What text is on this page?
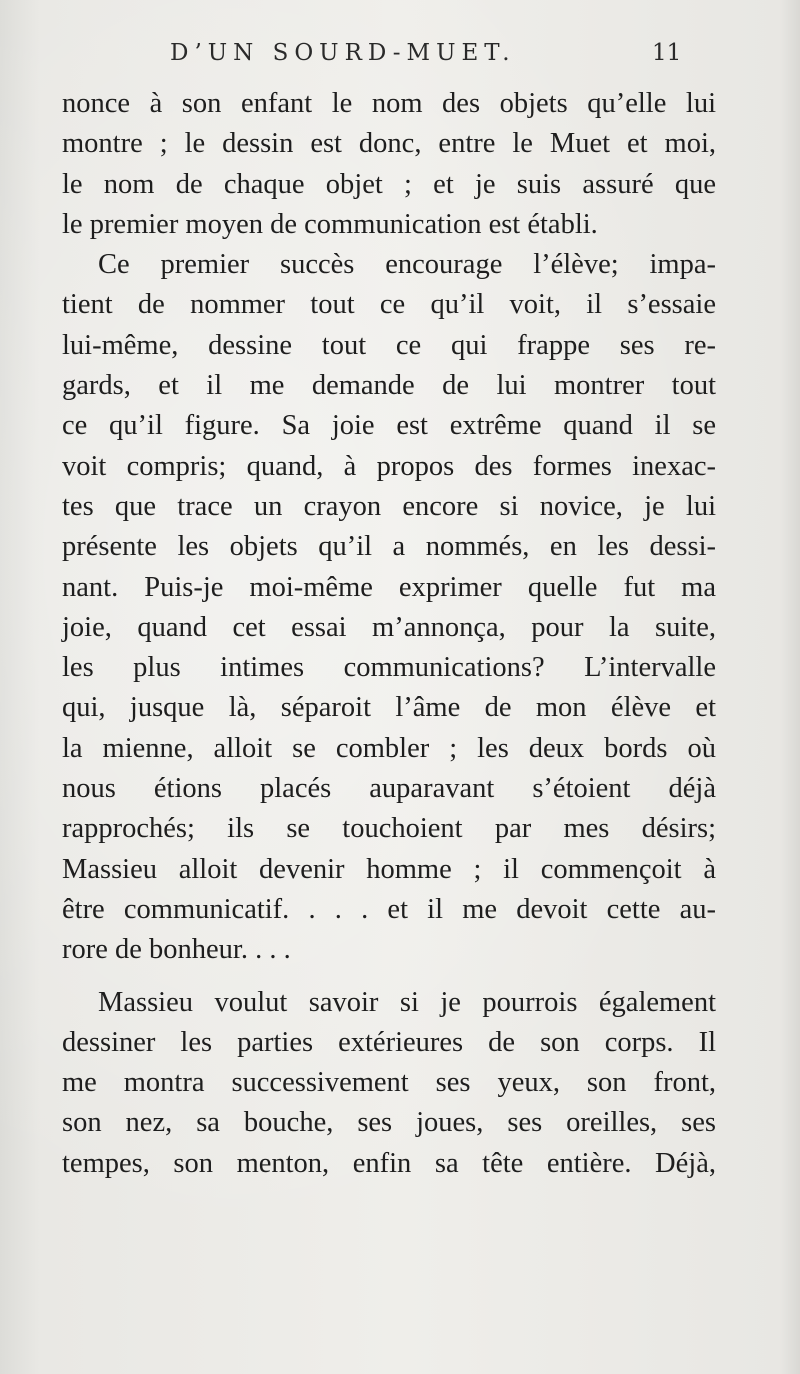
D’UN SOURD-MUET.	11
nonce à son enfant le nom des objets qu’elle lui
montre ; le dessin est donc, entre le Muet et moi,
le nom de chaque objet ; et je suis assuré que
le premier moyen de communication est établi.
Ce premier succès encourage l’élève; impa-
tient de nommer tout ce qu’il voit, il s’essaie
lui-même, dessine tout ce qui frappe ses re-
gards, et il me demande de lui montrer tout
ce qu’il figure. Sa joie est extrême quand il se
voit compris; quand, à propos des formes inexac-
tes que trace un crayon encore si novice, je lui
présente les objets qu’il a nommés, en les dessi-
nant. Puis-je moi-même exprimer quelle fut ma
joie, quand cet essai m’annonça, pour la suite,
les plus intimes communications? L’intervalle
qui, jusque là, séparoit l’âme de mon élève et
la mienne, alloit se combler ; les deux bords où
nous étions placés auparavant s’étoient déjà
rapprochés; ils se touchoient par mes désirs;
Massieu alloit devenir homme ; il commençoit à
être communicatif. . . . et il me devoit cette au-
rore de bonheur. . . .
Massieu voulut savoir si je pourrois également
dessiner les parties extérieures de son corps. Il
me montra successivement ses yeux, son front,
son nez, sa bouche, ses joues, ses oreilles, ses
tempes, son menton, enfin sa tête entière. Déjà,
